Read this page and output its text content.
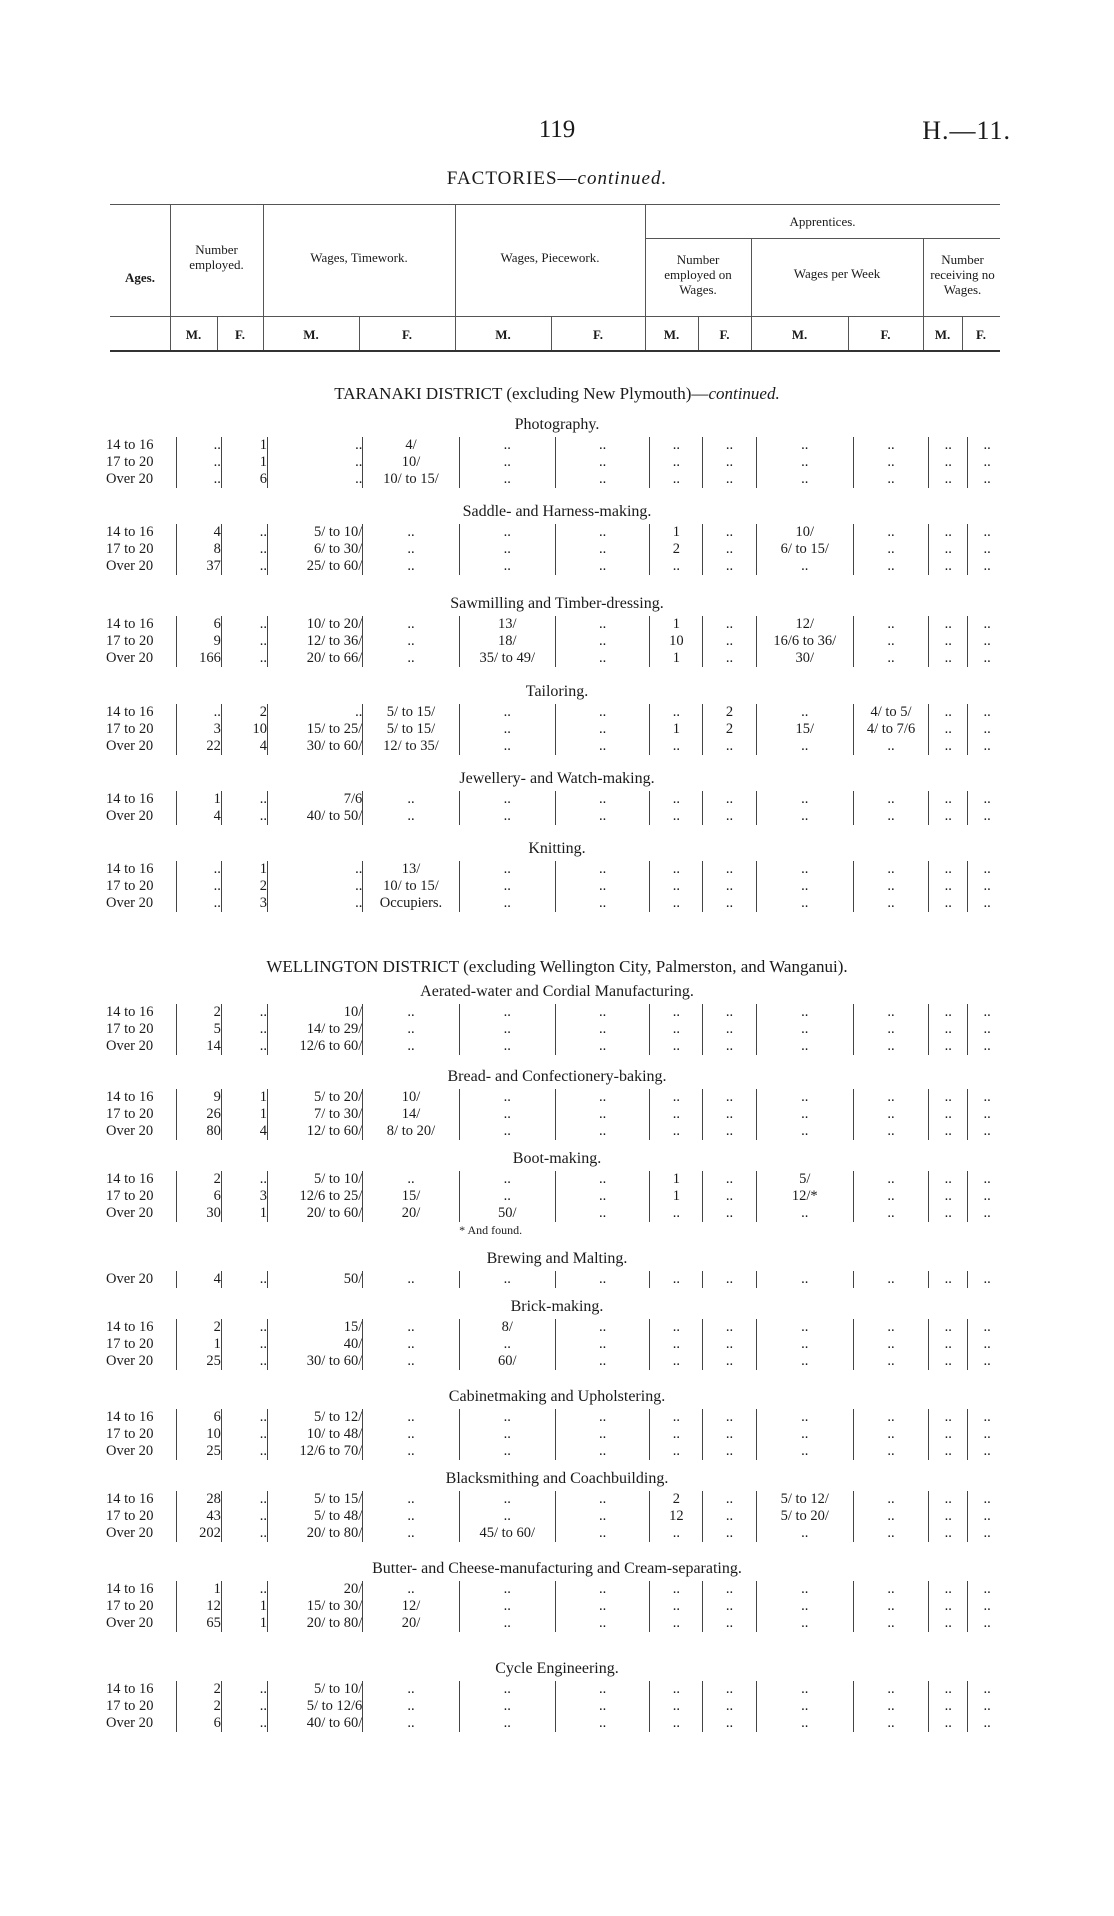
119	H.—11.
FACTORIES—continued.
Ages.
Number employed.	Wages, Timework.	Wages, Piecework.
Apprentices.
Number employed on Wages.
Wages per Week
Number receiving no Wages.
M.	F.	M.	F.	M.	F.	M.	F.	M.	F.	M.	F.
TARANAKI DISTRICT (excluding New Plymouth)—continued.
WELLINGTON DISTRICT (excluding Wellington City, Palmerston, and Wanganui).
Photography.
14 to 16	..	1	..	4/	..	..	..	..	..	..	..	..
17 to 20	..	1	..	10/	..	..	..	..	..	..	..	..
Over 20	..	6	..	10/ to 15/	..	..	..	..	..	..	..	..
Saddle- and Harness-making.
14 to 16	4	..	5/ to 10/	..	..	..	1	..	10/	..	..	..
17 to 20	8	..	6/ to 30/	..	..	..	2	..	6/ to 15/	..	..	..
Over 20	37	..	25/ to 60/	..	..	..	..	..	..	..	..	..
Sawmilling and Timber-dressing.
14 to 16	6	..	10/ to 20/	..	13/	..	1	..	12/	..	..	..
17 to 20	9	..	12/ to 36/	..	18/	..	10	..	16/6 to 36/	..	..	..
Over 20	166	..	20/ to 66/	..	35/ to 49/	..	1	..	30/	..	..	..
Tailoring.
14 to 16	..	2	..	5/ to 15/	..	..	..	2	..	4/ to 5/	..	..
17 to 20	3	10	15/ to 25/	5/ to 15/	..	..	1	2	15/	4/ to 7/6	..	..
Over 20	22	4	30/ to 60/	12/ to 35/	..	..	..	..	..	..	..	..
Jewellery- and Watch-making.
14 to 16	1	..	7/6	..	..	..	..	..	..	..	..	..
Over 20	4	..	40/ to 50/	..	..	..	..	..	..	..	..	..
Knitting.
14 to 16	..	1	..	13/	..	..	..	..	..	..	..	..
17 to 20	..	2	..	10/ to 15/	..	..	..	..	..	..	..	..
Over 20	..	3	..	Occupiers.	..	..	..	..	..	..	..	..
Aerated-water and Cordial Manufacturing.
14 to 16	2	..	10/	..	..	..	..	..	..	..	..	..
17 to 20	5	..	14/ to 29/	..	..	..	..	..	..	..	..	..
Over 20	14	..	12/6 to 60/	..	..	..	..	..	..	..	..	..
Bread- and Confectionery-baking.
14 to 16	9	1	5/ to 20/	10/	..	..	..	..	..	..	..	..
17 to 20	26	1	7/ to 30/	14/	..	..	..	..	..	..	..	..
Over 20	80	4	12/ to 60/	8/ to 20/	..	..	..	..	..	..	..	..
Boot-making.
14 to 16	2	..	5/ to 10/	..	..	..	1	..	5/	..	..	..
17 to 20	6	3	12/6 to 25/	15/	..	..	1	..	12/*	..	..	..
Over 20	30	1	20/ to 60/	20/	50/	..	..	..	..	..	..	..
					* And found.							
Brewing and Malting.
Over 20	4	..	50/	..	..	..	..	..	..	..	..	..
Brick-making.
14 to 16	2	..	15/	..	8/	..	..	..	..	..	..	..
17 to 20	1	..	40/	..	..	..	..	..	..	..	..	..
Over 20	25	..	30/ to 60/	..	60/	..	..	..	..	..	..	..
Cabinetmaking and Upholstering.
14 to 16	6	..	5/ to 12/	..	..	..	..	..	..	..	..	..
17 to 20	10	..	10/ to 48/	..	..	..	..	..	..	..	..	..
Over 20	25	..	12/6 to 70/	..	..	..	..	..	..	..	..	..
Blacksmithing and Coachbuilding.
14 to 16	28	..	5/ to 15/	..	..	..	2	..	5/ to 12/	..	..	..
17 to 20	43	..	5/ to 48/	..	..	..	12	..	5/ to 20/	..	..	..
Over 20	202	..	20/ to 80/	..	45/ to 60/	..	..	..	..	..	..	..
Butter- and Cheese-manufacturing and Cream-separating.
14 to 16	1	..	20/	..	..	..	..	..	..	..	..	..
17 to 20	12	1	15/ to 30/	12/	..	..	..	..	..	..	..	..
Over 20	65	1	20/ to 80/	20/	..	..	..	..	..	..	..	..
Cycle Engineering.
14 to 16	2	..	5/ to 10/	..	..	..	..	..	..	..	..	..
17 to 20	2	..	5/ to 12/6	..	..	..	..	..	..	..	..	..
Over 20	6	..	40/ to 60/	..	..	..	..	..	..	..	..	..
